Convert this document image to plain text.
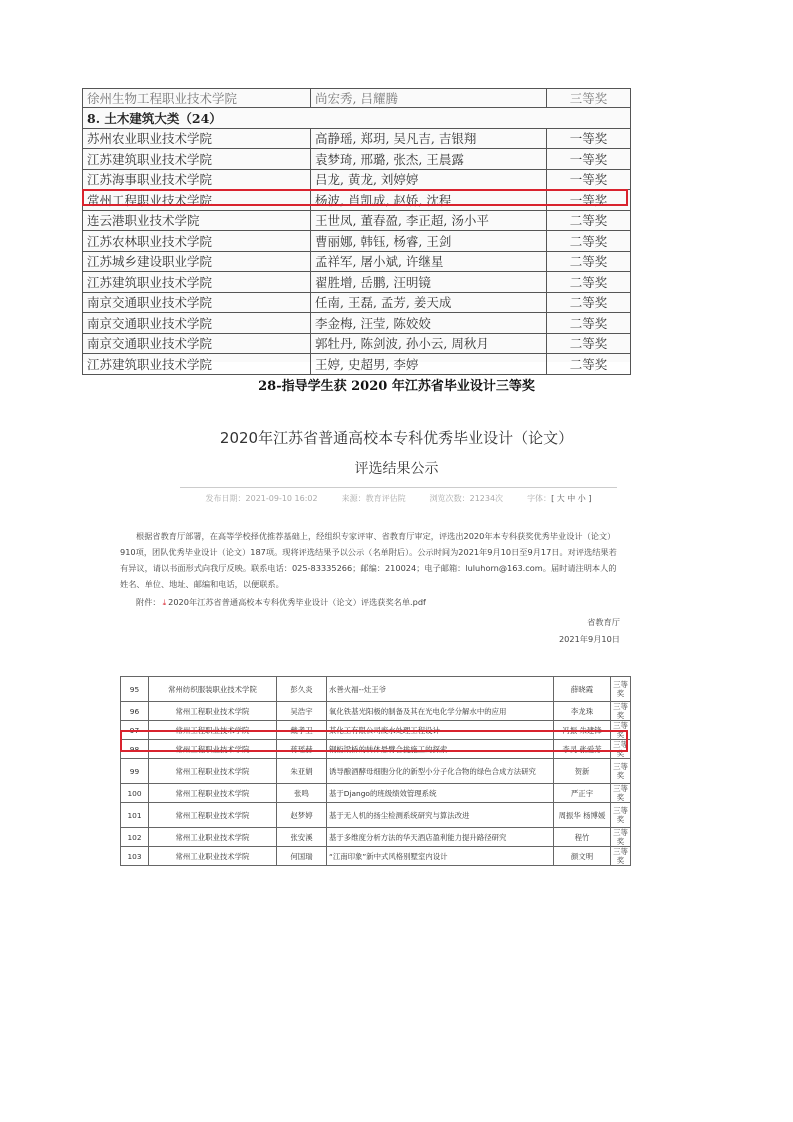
徐州生物工程职业技术学院	尚宏秀, 吕耀腾	三等奖
8. 土木建筑大类（24）		
苏州农业职业技术学院	高静瑶, 郑玥, 吴凡吉, 吉银翔	一等奖
江苏建筑职业技术学院	袁梦琦, 邢璐, 张杰, 王晨露	一等奖
江苏海事职业技术学院	吕龙, 黄龙, 刘婷婷	一等奖
常州工程职业技术学院	杨波, 肖凯成, 赵娇, 沈程	一等奖
连云港职业技术学院	王世凤, 董春盈, 李正超, 汤小平	二等奖
江苏农林职业技术学院	曹丽娜, 韩钰, 杨睿, 王剑	二等奖
江苏城乡建设职业学院	孟祥军, 屠小斌, 许继星	二等奖
江苏建筑职业技术学院	翟胜增, 岳鹏, 汪明镜	二等奖
南京交通职业技术学院	任南, 王磊, 孟芳, 姜天成	二等奖
南京交通职业技术学院	李金梅, 汪莹, 陈姣姣	二等奖
南京交通职业技术学院	郭牡丹, 陈剑波, 孙小云, 周秋月	二等奖
江苏建筑职业技术学院	王婷, 史超男, 李婷	二等奖
28-指导学生获 2020 年江苏省毕业设计三等奖
2020年江苏省普通高校本专科优秀毕业设计（论文）
评选结果公示
发布日期：2021-09-10 16:02	来源：教育评估院	浏览次数：21234次	字体：[ 大 中 小 ]

根据省教育厅部署，在高等学校择优推荐基础上，经组织专家评审、省教育厅审定，评选出2020年本专科获奖优秀毕业设计（论文）910项，团队优秀毕业设计（论文）187项。现将评选结果予以公示（名单附后）。公示时间为2021年9月10日至9月17日。对评选结果若有异议，请以书面形式向我厅反映。联系电话：025-83335266；邮编：210024；电子邮箱：luluhorn@163.com。届时请注明本人的姓名、单位、地址、邮编和电话，以便联系。

附件： ⤓ 2020年江苏省普通高校本专科优秀毕业设计（论文）评选获奖名单.pdf
省教育厅
2021年9月10日
95	常州纺织服装职业技术学院	彭久炎	水善火福--灶王爷	薛晓霞	三等奖
96	常州工程职业技术学院	吴浩宇	氧化铁基光阳极的制备及其在光电化学分解水中的应用	李龙珠	三等奖
97	常州工程职业技术学院	戴孝卫	某化工有限公司废水处理工程设计	冯振 朱建锋	三等奖
98	常州工程职业技术学院	蒋瑶赫	钢桁梁桥的转体悬臂合拢施工的探索	李灵 张爱芳	三等奖
99	常州工程职业技术学院	朱亚娟	诱导酿酒酵母细胞分化的新型小分子化合物的绿色合成方法研究	贺新	三等奖
100	常州工程职业技术学院	张鸣	基于Django的班级绩效管理系统	严正宇	三等奖
101	常州工程职业技术学院	赵梦婷	基于无人机的扬尘检测系统研究与算法改进	周振华 杨博媛	三等奖
102	常州工业职业技术学院	张安溪	基于多维度分析方法的华天酒店盈利能力提升路径研究	程竹	三等奖
103	常州工业职业技术学院	何国瑞	“江南印象”新中式风格别墅室内设计	颜文明	三等奖
